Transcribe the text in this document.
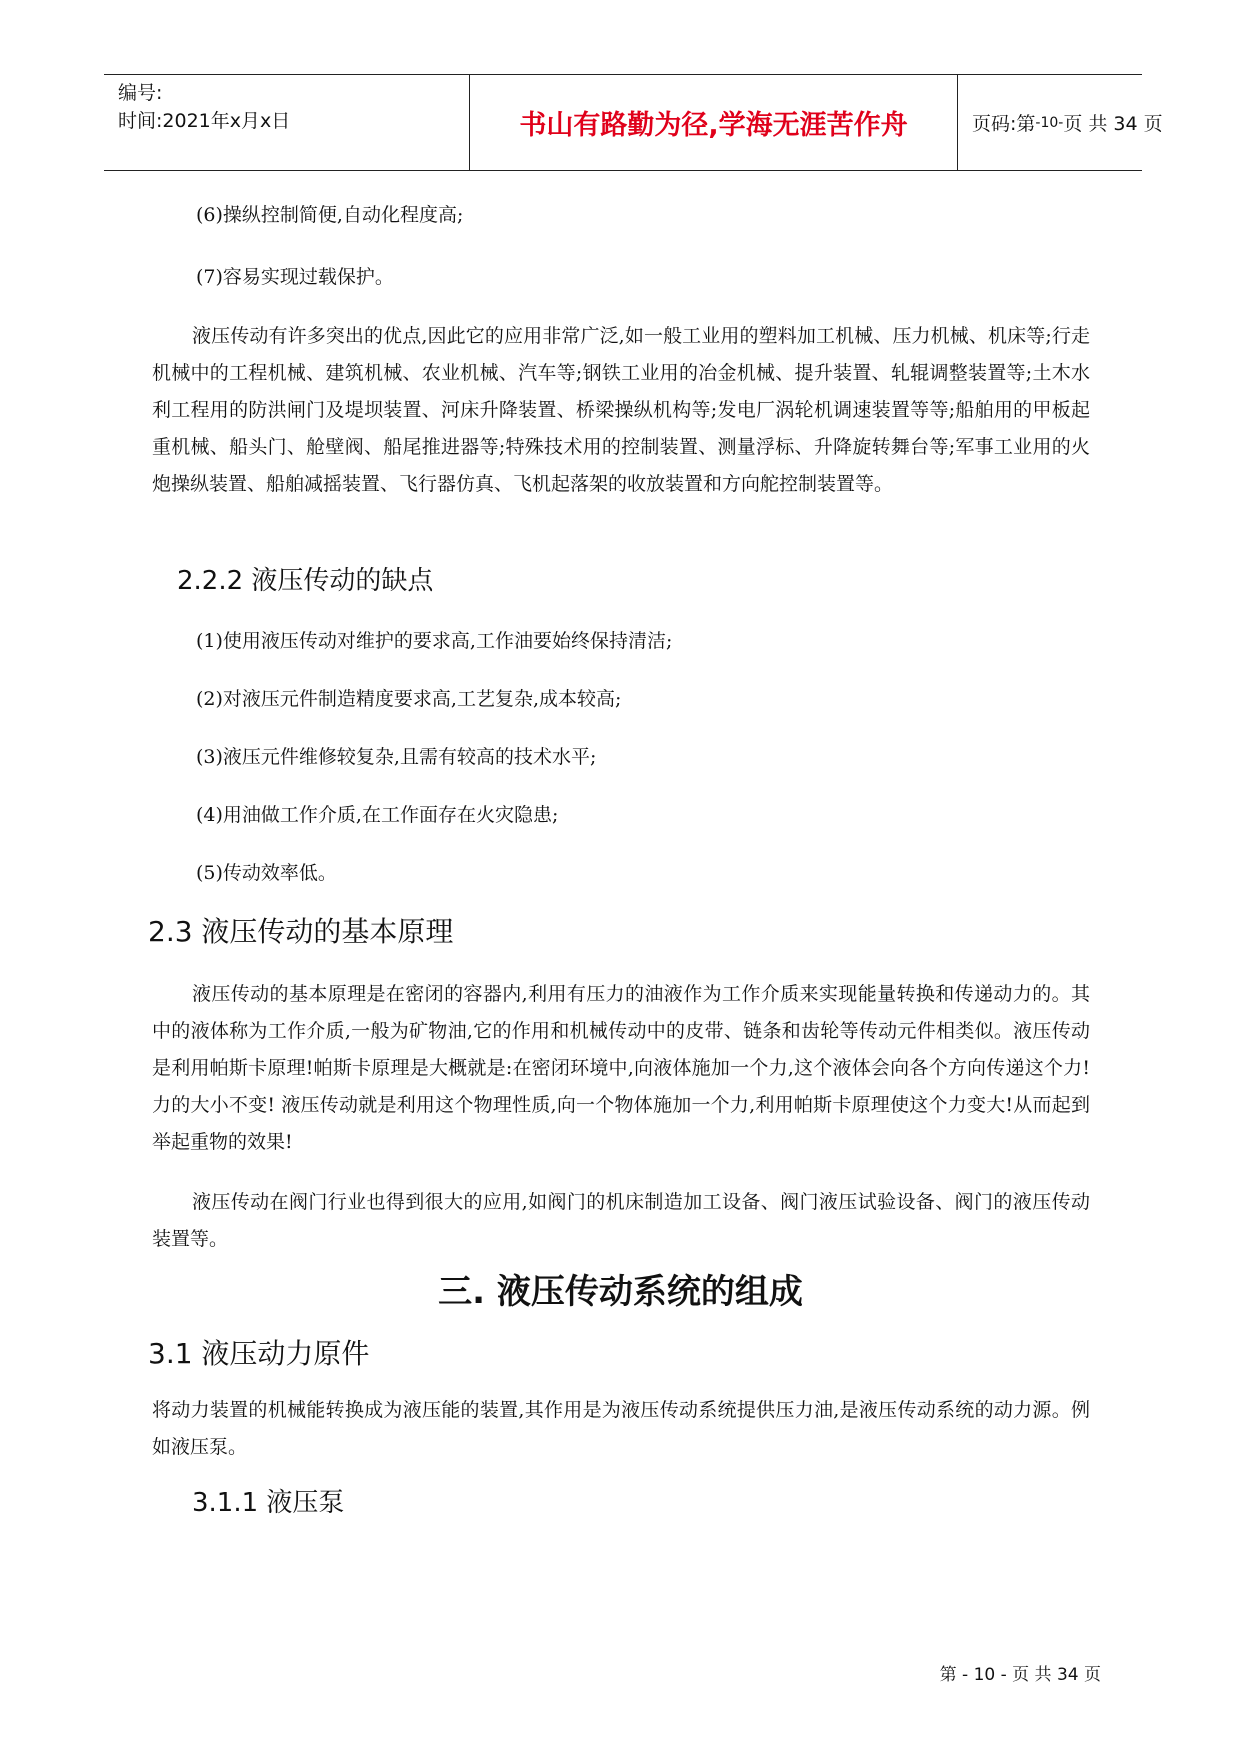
编号:
时间:2021年x月x日	书山有路勤为径,学海无涯苦作舟	页码:第 -10- 页 共 34 页
(6)操纵控制简便,自动化程度高;
(7)容易实现过载保护。
液压传动有许多突出的优点,因此它的应用非常广泛,如一般工业用的塑料加工机械、压力机械、机床等;行走机械中的工程机械、建筑机械、农业机械、汽车等;钢铁工业用的冶金机械、提升装置、轧辊调整装置等;土木水利工程用的防洪闸门及堤坝装置、河床升降装置、桥梁操纵机构等;发电厂涡轮机调速装置等等;船舶用的甲板起重机械、船头门、舱壁阀、船尾推进器等;特殊技术用的控制装置、测量浮标、升降旋转舞台等;军事工业用的火炮操纵装置、船舶减摇装置、飞行器仿真、飞机起落架的收放装置和方向舵控制装置等。
2.2.2 液压传动的缺点
(1)使用液压传动对维护的要求高,工作油要始终保持清洁;
(2)对液压元件制造精度要求高,工艺复杂,成本较高;
(3)液压元件维修较复杂,且需有较高的技术水平;
(4)用油做工作介质,在工作面存在火灾隐患;
(5)传动效率低。
2.3 液压传动的基本原理
液压传动的基本原理是在密闭的容器内,利用有压力的油液作为工作介质来实现能量转换和传递动力的。其中的液体称为工作介质,一般为矿物油,它的作用和机械传动中的皮带、链条和齿轮等传动元件相类似。液压传动是利用帕斯卡原理!帕斯卡原理是大概就是:在密闭环境中,向液体施加一个力,这个液体会向各个方向传递这个力!力的大小不变! 液压传动就是利用这个物理性质,向一个物体施加一个力,利用帕斯卡原理使这个力变大!从而起到举起重物的效果!
液压传动在阀门行业也得到很大的应用,如阀门的机床制造加工设备、阀门液压试验设备、阀门的液压传动装置等。
三. 液压传动系统的组成
3.1 液压动力原件
将动力装置的机械能转换成为液压能的装置,其作用是为液压传动系统提供压力油,是液压传动系统的动力源。例如液压泵。
3.1.1 液压泵
第 - 10 - 页 共 34 页
